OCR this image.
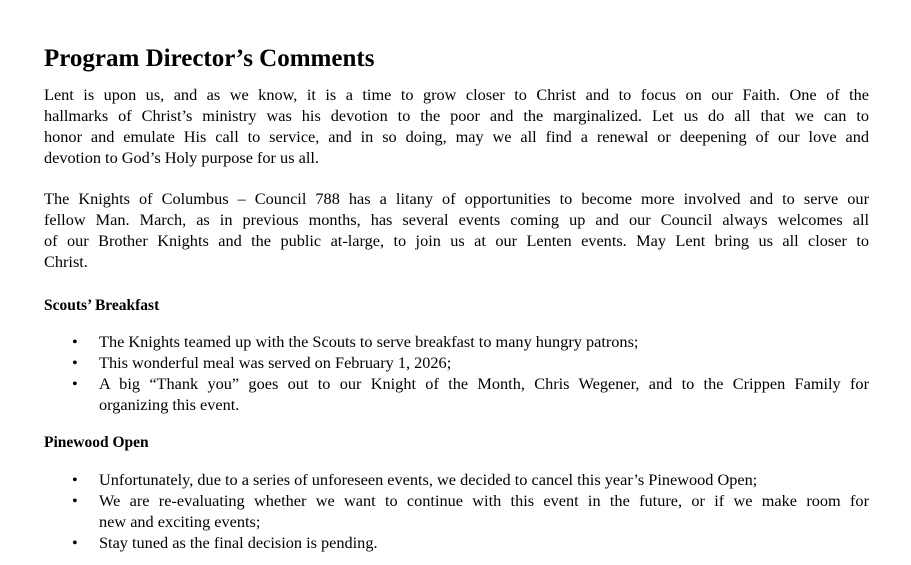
Program Director’s Comments
Lent is upon us, and as we know, it is a time to grow closer to Christ and to focus on our Faith. One of the
hallmarks of Christ’s ministry was his devotion to the poor and the marginalized. Let us do all that we can to
honor and emulate His call to service, and in so doing, may we all find a renewal or deepening of our love and
devotion to God’s Holy purpose for us all.
The Knights of Columbus – Council 788 has a litany of opportunities to become more involved and to serve our
fellow Man. March, as in previous months, has several events coming up and our Council always welcomes all
of our Brother Knights and the public at-large, to join us at our Lenten events. May Lent bring us all closer to
Christ.
Scouts’ Breakfast
• The Knights teamed up with the Scouts to serve breakfast to many hungry patrons;
• This wonderful meal was served on February 1, 2026;
• A big “Thank you” goes out to our Knight of the Month, Chris Wegener, and to the Crippen Family for
organizing this event.
Pinewood Open
• Unfortunately, due to a series of unforeseen events, we decided to cancel this year’s Pinewood Open;
• We are re-evaluating whether we want to continue with this event in the future, or if we make room for
new and exciting events;
• Stay tuned as the final decision is pending.
